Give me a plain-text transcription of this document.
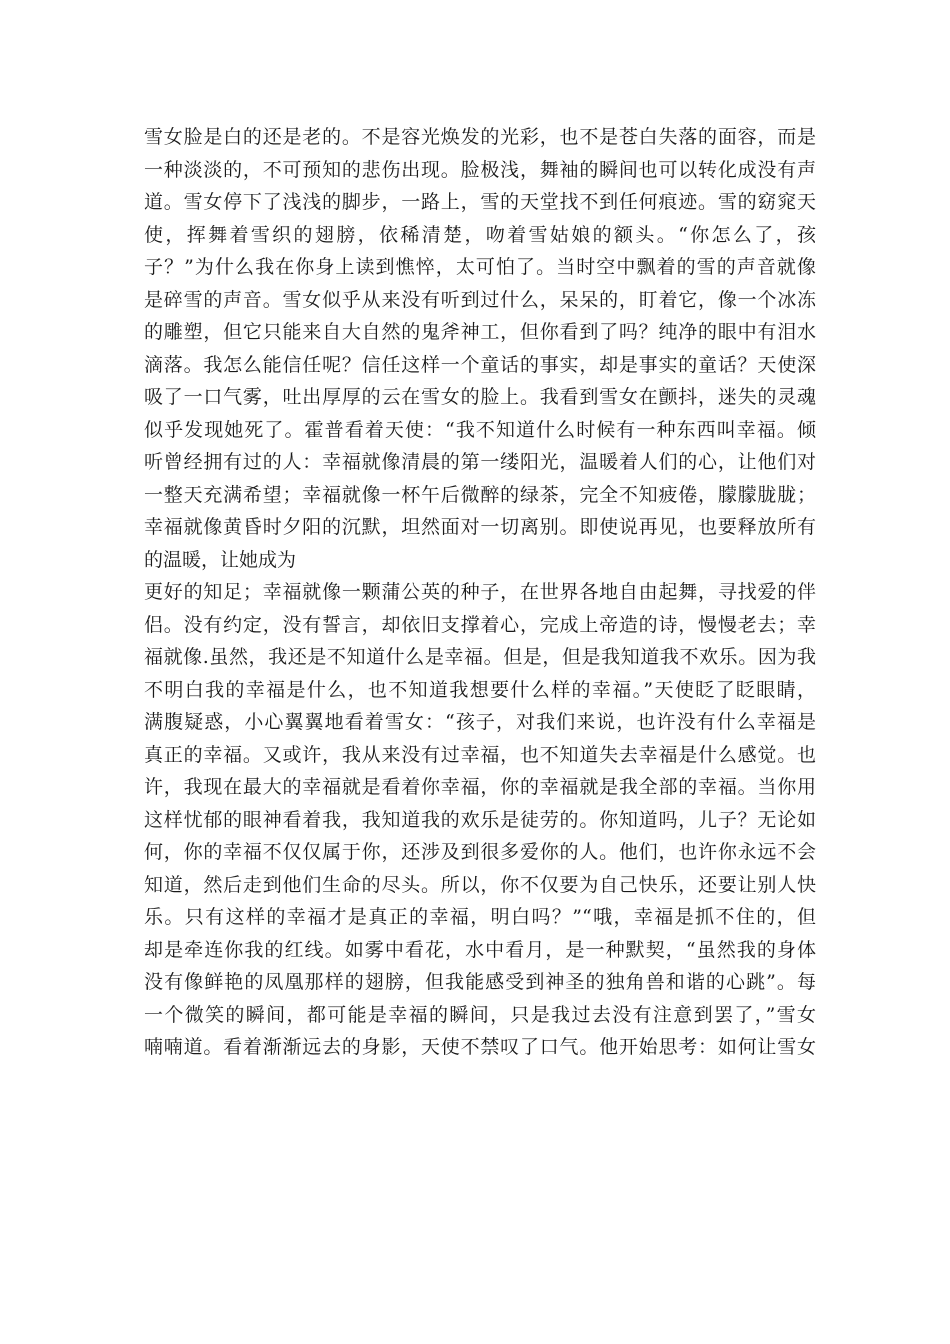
雪女脸是白的还是老的。不是容光焕发的光彩，也不是苍白失落的面容，而是
一种淡淡的，不可预知的悲伤出现。脸极浅，舞袖的瞬间也可以转化成没有声
道。雪女停下了浅浅的脚步，一路上，雪的天堂找不到任何痕迹。雪的窈窕天
使，挥舞着雪织的翅膀，依稀清楚，吻着雪姑娘的额头。“你怎么了，孩
子？”为什么我在你身上读到憔悴，太可怕了。当时空中飘着的雪的声音就像
是碎雪的声音。雪女似乎从来没有听到过什么，呆呆的，盯着它，像一个冰冻
的雕塑，但它只能来自大自然的鬼斧神工，但你看到了吗？纯净的眼中有泪水
滴落。我怎么能信任呢？信任这样一个童话的事实，却是事实的童话？天使深
吸了一口气雾，吐出厚厚的云在雪女的脸上。我看到雪女在颤抖，迷失的灵魂
似乎发现她死了。霍普看着天使：“我不知道什么时候有一种东西叫幸福。倾
听曾经拥有过的人：幸福就像清晨的第一缕阳光，温暖着人们的心，让他们对
一整天充满希望；幸福就像一杯午后微醉的绿茶，完全不知疲倦，朦朦胧胧；
幸福就像黄昏时夕阳的沉默，坦然面对一切离别。即使说再见，也要释放所有
的温暖，让她成为
更好的知足；幸福就像一颗蒲公英的种子，在世界各地自由起舞，寻找爱的伴
侣。没有约定，没有誓言，却依旧支撑着心，完成上帝造的诗，慢慢老去；幸
福就像.虽然，我还是不知道什么是幸福。但是，但是我知道我不欢乐。因为我
不明白我的幸福是什么，也不知道我想要什么样的幸福。”天使眨了眨眼睛，
满腹疑惑，小心翼翼地看着雪女：“孩子，对我们来说，也许没有什么幸福是
真正的幸福。又或许，我从来没有过幸福，也不知道失去幸福是什么感觉。也
许，我现在最大的幸福就是看着你幸福，你的幸福就是我全部的幸福。当你用
这样忧郁的眼神看着我，我知道我的欢乐是徒劳的。你知道吗，儿子？无论如
何，你的幸福不仅仅属于你，还涉及到很多爱你的人。他们，也许你永远不会
知道，然后走到他们生命的尽头。所以，你不仅要为自己快乐，还要让别人快
乐。只有这样的幸福才是真正的幸福，明白吗？”“哦，幸福是抓不住的，但
却是牵连你我的红线。如雾中看花，水中看月，是一种默契，“虽然我的身体
没有像鲜艳的凤凰那样的翅膀，但我能感受到神圣的独角兽和谐的心跳”。每
一个微笑的瞬间，都可能是幸福的瞬间，只是我过去没有注意到罢了，”雪女
喃喃道。看着渐渐远去的身影，天使不禁叹了口气。他开始思考：如何让雪女
